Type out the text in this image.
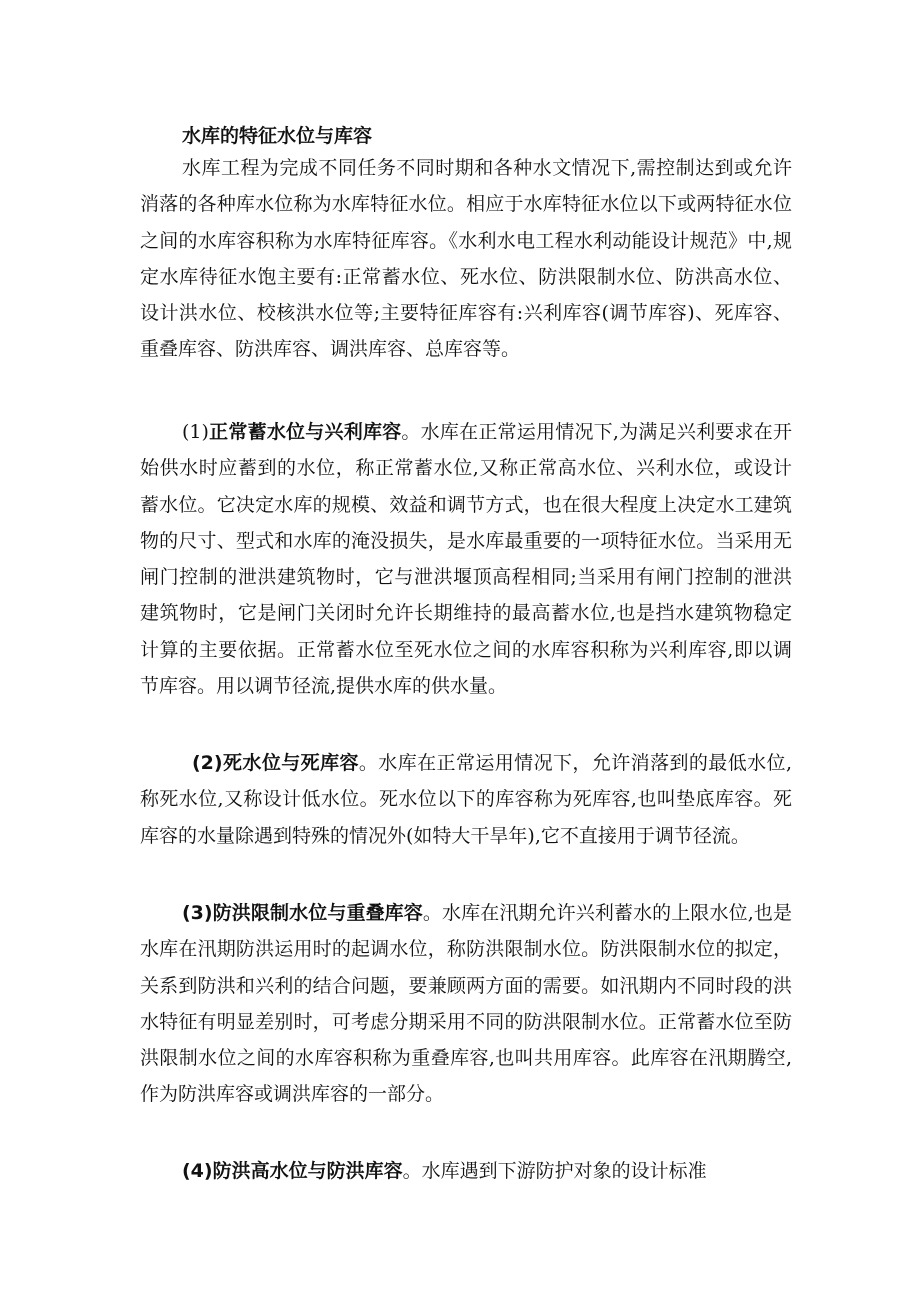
水库的特征水位与库容

水库工程为完成不同任务不同时期和各种水文情况下,需控制达到或允许消落的各种库水位称为水库特征水位。相应于水库特征水位以下或两特征水位之间的水库容积称为水库特征库容。《水利水电工程水利动能设计规范》中,规定水库待征水饱主要有:正常蓄水位、死水位、防洪限制水位、防洪高水位、设计洪水位、校核洪水位等;主要特征库容有:兴利库容(调节库容)、死库容、重叠库容、防洪库容、调洪库容、总库容等。

(1)正常蓄水位与兴利库容。水库在正常运用情况下,为满足兴利要求在开始供水时应蓄到的水位，称正常蓄水位,又称正常高水位、兴利水位，或设计蓄水位。它决定水库的规模、效益和调节方式，也在很大程度上决定水工建筑物的尺寸、型式和水库的淹没损失，是水库最重要的一项特征水位。当采用无闸门控制的泄洪建筑物时，它与泄洪堰顶高程相同;当采用有闸门控制的泄洪建筑物时，它是闸门关闭时允许长期维持的最高蓄水位,也是挡水建筑物稳定计算的主要依据。正常蓄水位至死水位之间的水库容积称为兴利库容,即以调节库容。用以调节径流,提供水库的供水量。

(2)死水位与死库容。水库在正常运用情况下，允许消落到的最低水位,称死水位,又称设计低水位。死水位以下的库容称为死库容,也叫垫底库容。死库容的水量除遇到特殊的情况外(如特大干旱年),它不直接用于调节径流。

(3)防洪限制水位与重叠库容。水库在汛期允许兴利蓄水的上限水位,也是水库在汛期防洪运用时的起调水位，称防洪限制水位。防洪限制水位的拟定，关系到防洪和兴利的结合问题，要兼顾两方面的需要。如汛期内不同时段的洪水特征有明显差别时，可考虑分期采用不同的防洪限制水位。正常蓄水位至防洪限制水位之间的水库容积称为重叠库容,也叫共用库容。此库容在汛期腾空,作为防洪库容或调洪库容的一部分。

(4)防洪高水位与防洪库容。水库遇到下游防护对象的设计标准
